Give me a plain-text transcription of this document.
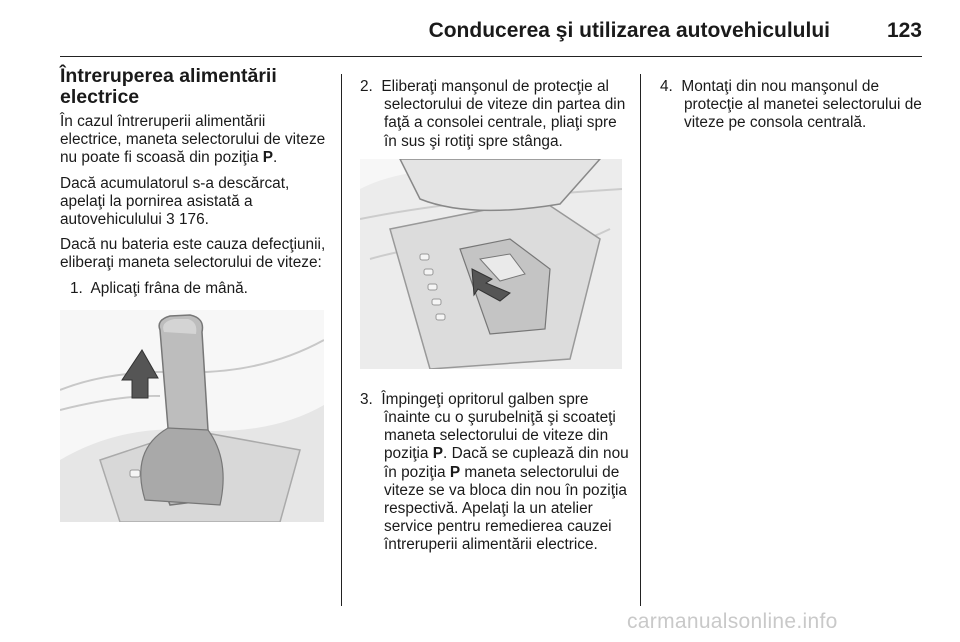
Conducerea şi utilizarea autovehiculului	123
Întreruperea alimentării electrice

În cazul întreruperii alimentării electrice, maneta selectorului de viteze nu poate fi scoasă din poziţia P.

Dacă acumulatorul s-a descărcat, apelaţi la pornirea asistată a autovehiculului 3 176.

Dacă nu bateria este cauza defecţiunii, eliberaţi maneta selectorului de viteze:

1. Aplicaţi frâna de mână.

2. Eliberaţi manşonul de protecţie al selectorului de viteze din partea din faţă a consolei centrale, pliaţi spre în sus şi rotiţi spre stânga.

3. Împingeţi opritorul galben spre înainte cu o şurubelniţă şi scoateţi maneta selectorului de viteze din poziţia P. Dacă se cuplează din nou în poziţia P maneta selectorului de viteze se va bloca din nou în poziţia respectivă. Apelaţi la un atelier service pentru remedierea cauzei întreruperii alimentării electrice.

4. Montaţi din nou manşonul de protecţie al manetei selectorului de viteze pe consola centrală.

carmanualsonline.info
